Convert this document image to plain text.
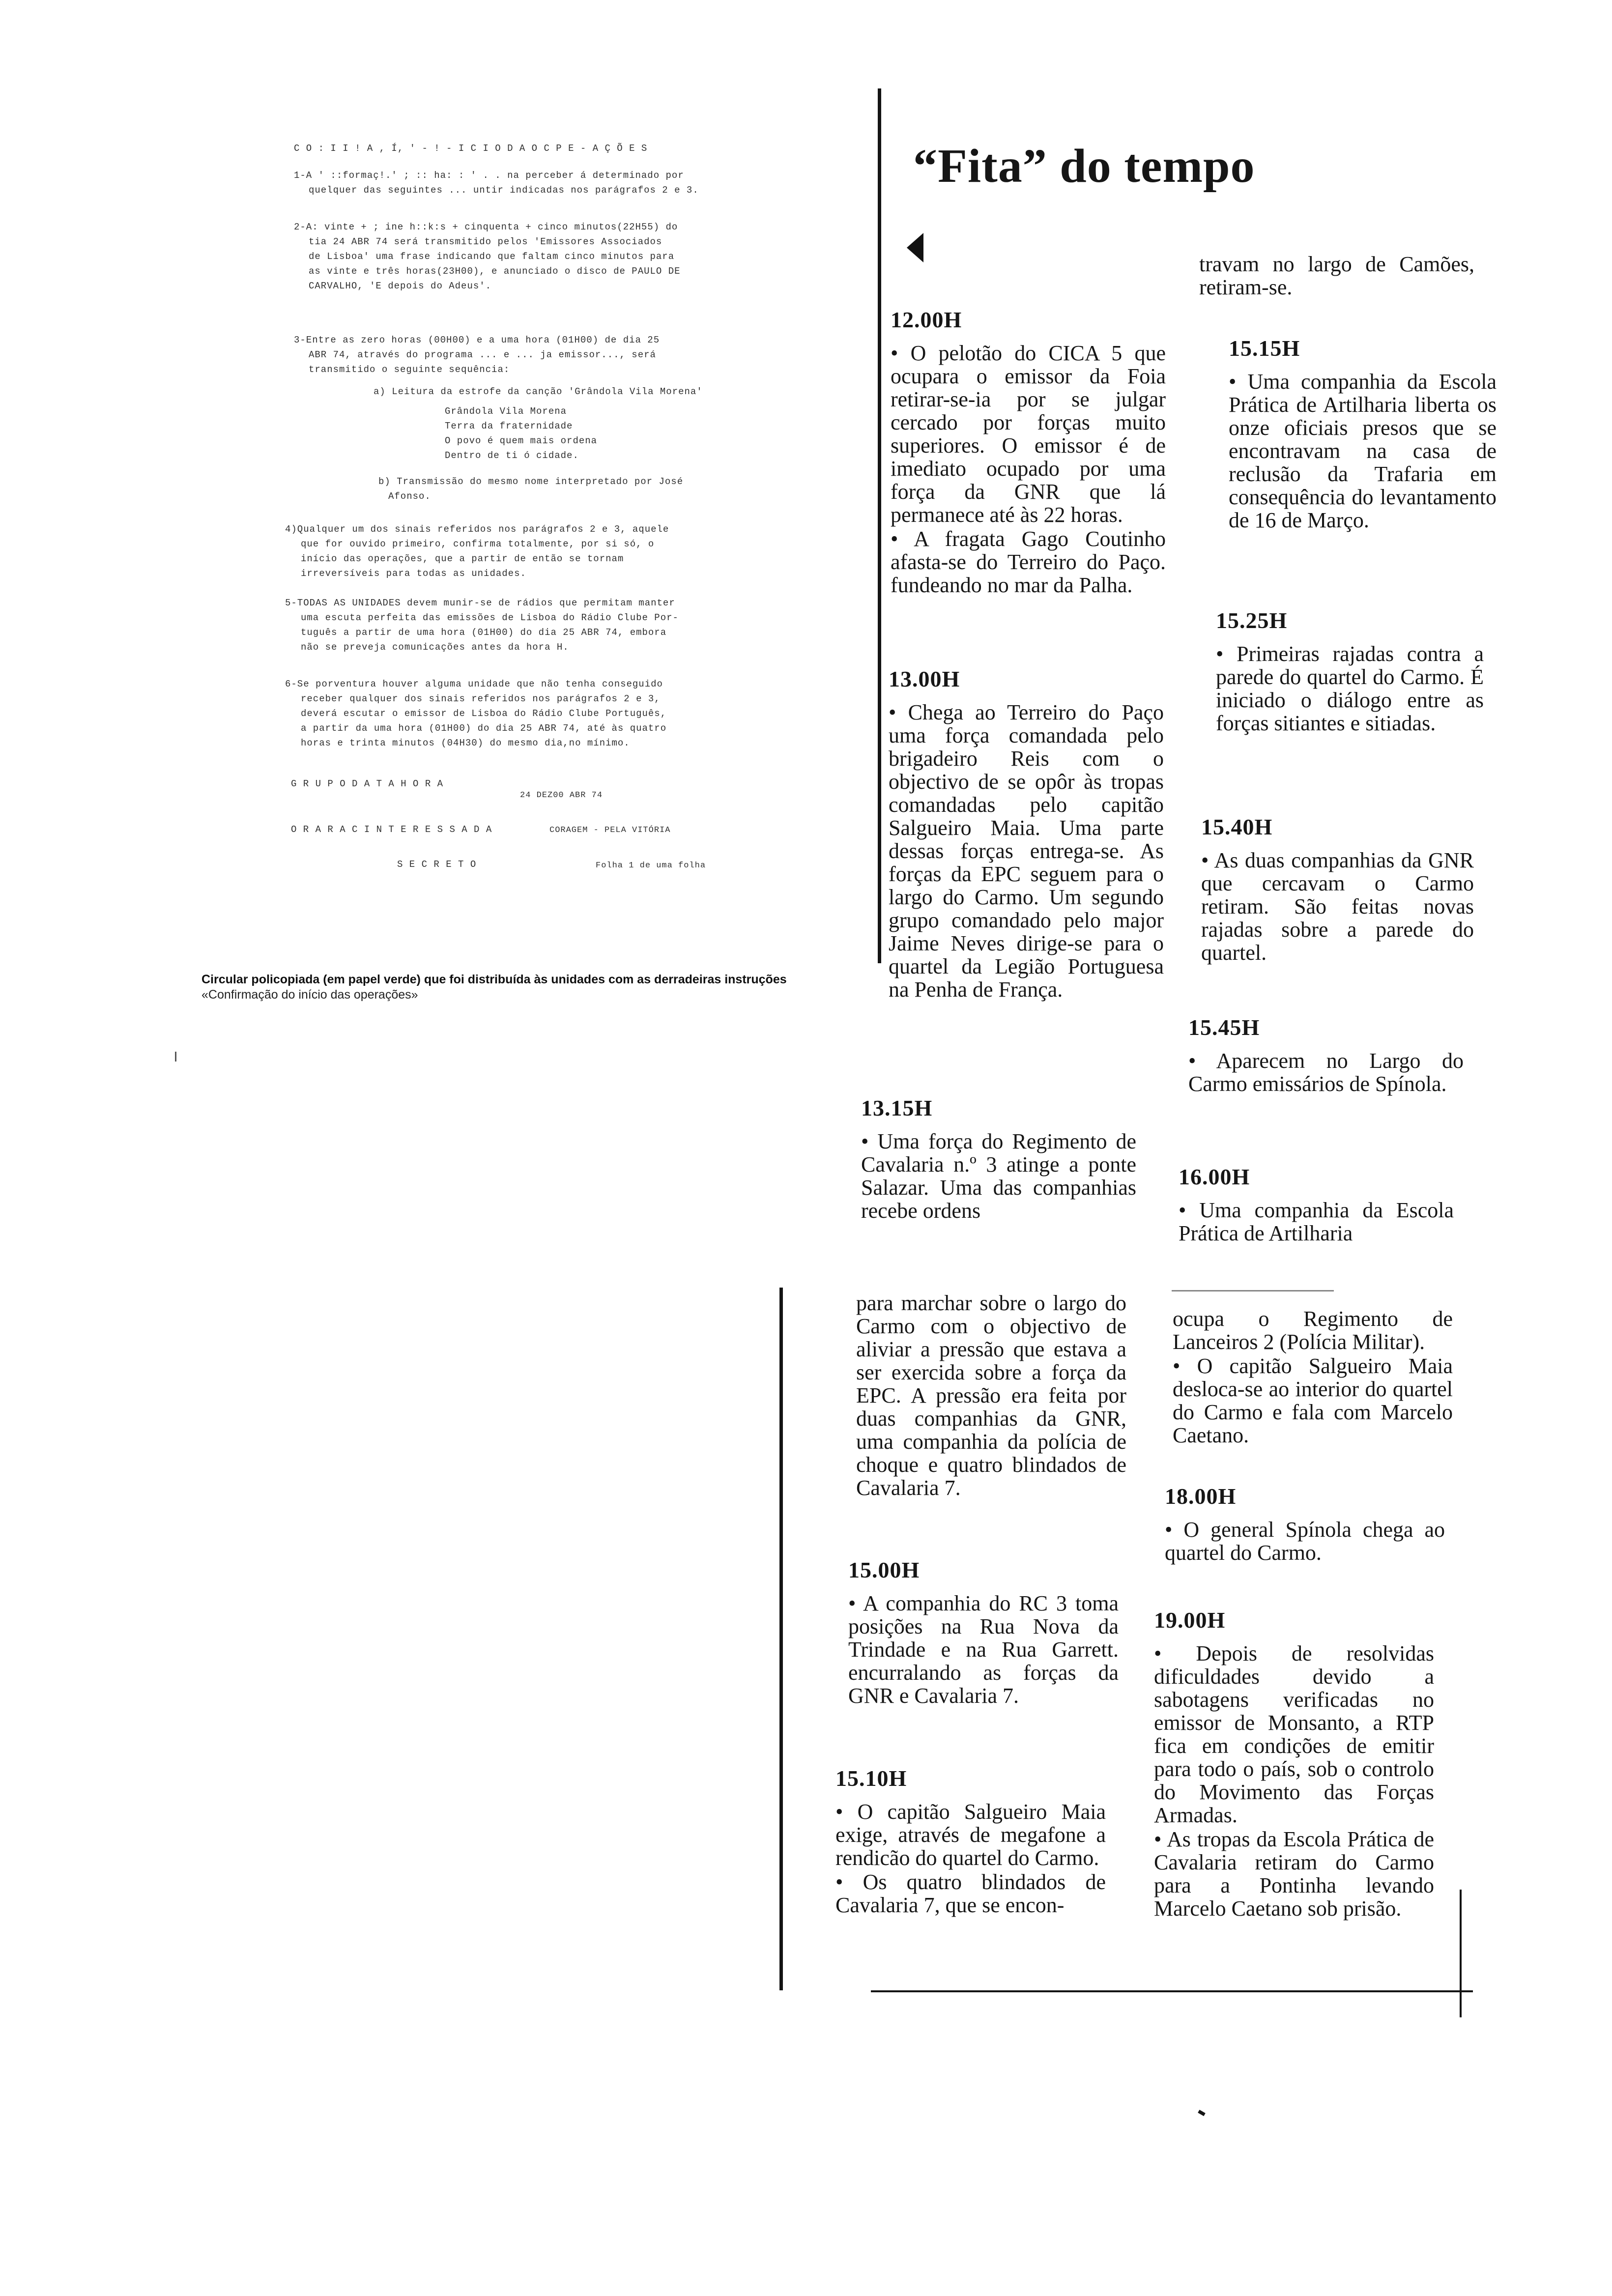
C O : I I ! A , Í, ' - ! - I C I O D A O C P E - A Ç Õ E S
1-A ' ::formaç!.' ; :: ha: : ' . . na perceber á determinado por
quelquer das seguintes ... untir indicadas nos parágrafos 2 e 3.
2-A: vinte + ; ine h::k:s + cinquenta + cinco minutos(22H55) do
tia 24 ABR 74 será transmitido pelos 'Emissores Associados
de Lisboa' uma frase indicando que faltam cinco minutos para
as vinte e três horas(23H00), e anunciado o disco de PAULO DE
CARVALHO, 'E depois do Adeus'.
3-Entre as zero horas (00H00) e a uma hora (01H00) de dia 25
ABR 74, através do programa ... e ... ja emissor..., será
transmitido o seguinte sequência:
a) Leitura da estrofe da canção 'Grândola Vila Morena'
Grândola Vila Morena
Terra da fraternidade
O povo é quem mais ordena
Dentro de ti ó cidade.
b) Transmissão do mesmo nome interpretado por José
Afonso.
4)Qualquer um dos sinais referidos nos parágrafos 2 e 3, aquele
que for ouvido primeiro, confirma totalmente, por si só, o
início das operações, que a partir de então se tornam
irreversíveis para todas as unidades.
5-TODAS AS UNIDADES devem munir-se de rádios que permitam manter
uma escuta perfeita das emissões de Lisboa do Rádio Clube Por-
tuguês a partir de uma hora (01H00) do dia 25 ABR 74, embora
não se preveja comunicações antes da hora H.
6-Se porventura houver alguma unidade que não tenha conseguido
receber qualquer dos sinais referidos nos parágrafos 2 e 3,
deverá escutar o emissor de Lisboa do Rádio Clube Português,
a partir da uma hora (01H00) do dia 25 ABR 74, até às quatro
horas e trinta minutos (04H30) do mesmo dia,no mínimo.
G R U P O D A T A H O R A
24 DEZ00 ABR 74
O R A R A C I N T E R E S S A D A	CORAGEM - PELA VITÓRIA
S E C R E T O	Folha 1 de uma folha

Circular policopiada (em papel verde) que foi distribuída às unidades com as derradeiras instruções

«Confirmação do início das operações»

“Fita” do tempo
12.00H
• O pelotão do CICA 5 que ocupara o emissor da Foia retirar-se-ia por se julgar cercado por forças muito superiores. O emissor é de imediato ocupado por uma força da GNR que lá permanece até às 22 horas.
• A fragata Gago Coutinho afasta-se do Terreiro do Paço. fundeando no mar da Palha.
13.00H
• Chega ao Terreiro do Paço uma força comandada pelo brigadeiro Reis com o objectivo de se opôr às tropas comandadas pelo capitão Salgueiro Maia. Uma parte dessas forças entrega-se. As forças da EPC seguem para o largo do Carmo. Um segundo grupo comandado pelo major Jaime Neves dirige-se para o quartel da Legião Portuguesa na Penha de França.
13.15H
• Uma força do Regimento de Cavalaria n.º 3 atinge a ponte Salazar. Uma das companhias recebe ordens
para marchar sobre o largo do Carmo com o objectivo de aliviar a pressão que estava a ser exercida sobre a força da EPC. A pressão era feita por duas companhias da GNR, uma companhia da polícia de choque e quatro blindados de Cavalaria 7.
15.00H
• A companhia do RC 3 toma posições na Rua Nova da Trindade e na Rua Garrett. encurralando as forças da GNR e Cavalaria 7.
15.10H
• O capitão Salgueiro Maia exige, através de megafone a rendicão do quartel do Carmo.
• Os quatro blindados de Cavalaria 7, que se encon-
travam no largo de Camões, retiram-se.
15.15H
• Uma companhia da Escola Prática de Artilharia liberta os onze oficiais presos que se encontravam na casa de reclusão da Trafaria em consequência do levantamento de 16 de Março.
15.25H
• Primeiras rajadas contra a parede do quartel do Carmo. É iniciado o diálogo entre as forças sitiantes e sitiadas.
15.40H
• As duas companhias da GNR que cercavam o Carmo retiram. São feitas novas rajadas sobre a parede do quartel.
15.45H
• Aparecem no Largo do Carmo emissários de Spínola.
16.00H
• Uma companhia da Escola Prática de Artilharia
ocupa o Regimento de Lanceiros 2 (Polícia Militar).
• O capitão Salgueiro Maia desloca-se ao interior do quartel do Carmo e fala com Marcelo Caetano.
18.00H
• O general Spínola chega ao quartel do Carmo.
19.00H
• Depois de resolvidas dificuldades devido a sabotagens verificadas no emissor de Monsanto, a RTP fica em condições de emitir para todo o país, sob o controlo do Movimento das Forças Armadas.
• As tropas da Escola Prática de Cavalaria retiram do Carmo para a Pontinha levando Marcelo Caetano sob prisão.
